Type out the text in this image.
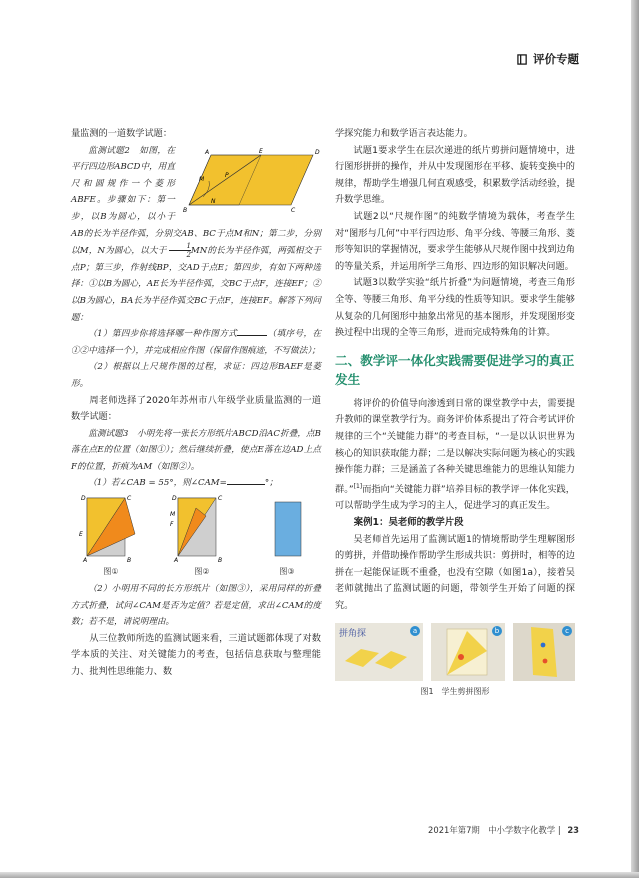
评价专题

量监测的一道数学试题：

A	D
B	C
E
M
N
P

监测试题2　如图，在平行四边形ABCD中，用直尺和圆规作一个菱形ABFE。步骤如下：第一步，以B为圆心，以小于AB的长为半径作弧，分别交AB、BC于点M和N；第二步，分别以M，N为圆心，以大于 $\frac{1}{2}$ MN的长为半径作弧，两弧相交于点P；第三步，作射线BP，交AD于点E；第四步，有如下两种选择：①以B为圆心，AE长为半径作弧，交BC于点F，连接EF；②以B为圆心，BA长为半径作弧交BC于点F，连接EF。解答下列问题：

（1）第四步你将选择哪一种作图方式	（填序号，在①②中选择一个），并完成相应作图（保留作图痕迹，不写做法）；

（2）根据以上尺规作图的过程，求证：四边形BAEF是菱形。

周老师选择了2020年苏州市八年级学业质量监测的一道数学试题：

监测试题3　小明先将一张长方形纸片ABCD沿AC折叠，点B落在点E的位置（如图①）；然后继续折叠，使点E落在边AD上点F的位置，折痕为AM（如图②）。

（1）若∠CAB = 55°，则∠CAM=	°；

D	C
E
A	B
图①
D	C
M
F
A	B
图②	图③

（2）小明用不同的长方形纸片（如图③），采用同样的折叠方式折叠，试问∠CAM是否为定值？若是定值，求出∠CAM的度数；若不是，请说明理由。

从三位教师所选的监测试题来看，三道试题都体现了对数学本质的关注、对关键能力的考查，包括信息获取与整理能力、批判性思维能力、数

学探究能力和数学语言表达能力。

试题1要求学生在层次递进的纸片剪拼问题情境中，进行图形拼拼的操作，并从中发现图形在平移、旋转变换中的规律，帮助学生增强几何直观感受，积累数学活动经验，提升数学思维。

试题2以“尺规作图”的纯数学情境为载体，考查学生对“图形与几何”中平行四边形、角平分线、等腰三角形、菱形等知识的掌握情况，要求学生能够从尺规作图中找到边角的等量关系，并运用所学三角形、四边形的知识解决问题。

试题3以数学实验“纸片折叠”为问题情境，考查三角形全等、等腰三角形、角平分线的性质等知识。要求学生能够从复杂的几何图形中抽象出常见的基本图形，并发现图形变换过程中出现的全等三角形，进而完成特殊角的计算。

二、教学评一体化实践需要促进学习的真正发生

将评价的价值导向渗透到日常的课堂教学中去，需要提升教师的课堂教学行为。商务评价体系提出了符合考试评价规律的三个“关键能力群”的考查目标，“一是以认识世界为核心的知识获取能力群；二是以解决实际问题为核心的实践操作能力群；三是涵盖了各种关键思维能力的思维认知能力群。”[1]而指向“关键能力群”培养目标的教学评一体化实践，可以帮助学生成为学习的主人，促进学习的真正发生。

案例1：吴老师的教学片段

吴老师首先运用了监测试题1的情境帮助学生理解图形的剪拼，并借助操作帮助学生形成共识：剪拼时，相等的边拼在一起能保证既不重叠，也没有空隙（如图1a），接着吴老师就抛出了监测试题的问题，带领学生开始了问题的探究。

拼角探	a	b	c
图1　学生剪拼图形
2021年第7期　中小学数字化教学 | 23
